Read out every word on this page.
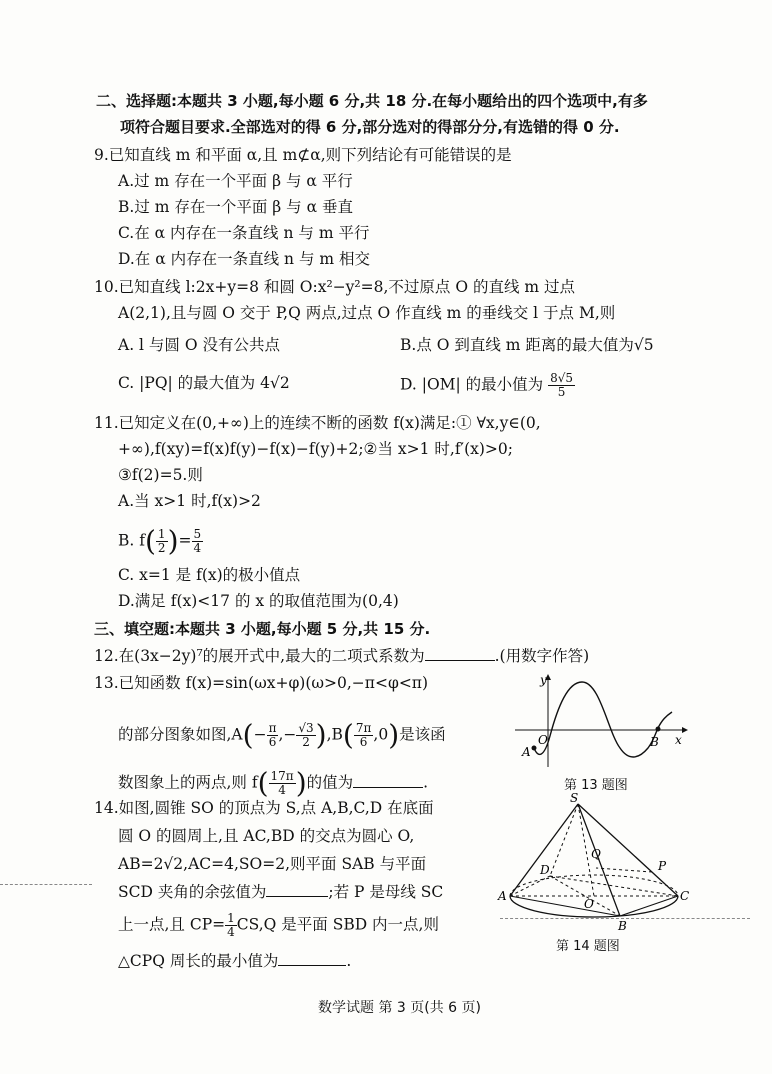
二、选择题:本题共 3 小题,每小题 6 分,共 18 分.在每小题给出的四个选项中,有多
项符合题目要求.全部选对的得 6 分,部分选对的得部分分,有选错的得 0 分.
9.已知直线 m 和平面 α,且 m⊄α,则下列结论有可能错误的是
A.过 m 存在一个平面 β 与 α 平行
B.过 m 存在一个平面 β 与 α 垂直
C.在 α 内存在一条直线 n 与 m 平行
D.在 α 内存在一条直线 n 与 m 相交
10.已知直线 l:2x+y=8 和圆 O:x²−y²=8,不过原点 O 的直线 m 过点
A(2,1),且与圆 O 交于 P,Q 两点,过点 O 作直线 m 的垂线交 l 于点 M,则
A. l 与圆 O 没有公共点	B.点 O 到直线 m 距离的最大值为√5
C. |PQ| 的最大值为 4√2	D. |OM| 的最小值为 $\frac{8√5}{5}$
11.已知定义在(0,+∞)上的连续不断的函数 f(x)满足:① ∀x,y∈(0,
+∞),f(xy)=f(x)f(y)−f(x)−f(y)+2;②当 x>1 时,f′(x)>0;
③f(2)=5.则
A.当 x>1 时,f(x)>2
B. $f( \frac{1}{2}$ )= $\frac{5}{4}$
C. x=1 是 f(x)的极小值点
D.满足 f(x)<17 的 x 的取值范围为(0,4)
三、填空题:本题共 3 小题,每小题 5 分,共 15 分.
12.在(3x−2y)⁷的展开式中,最大的二项式系数为	.(用数字作答)
13.已知函数 f(x)=sin(ωx+φ)(ω>0,−π<φ<π)
的部分图象如图$,A(- \frac{\pi}{6}$ ,− $\frac{√3}{2} ),B( \frac{7\pi}{6} ,0)$是该函
数图象上的两点,则 $f( \frac{17\pi}{4}$ )的值为	.
y
x
O
A
B
第 13 题图
14.如图,圆锥 SO 的顶点为 S,点 A,B,C,D 在底面
圆 O 的圆周上,且 AC,BD 的交点为圆心 O,
AB=2√2,AC=4,SO=2,则平面 SAB 与平面
SCD 夹角的余弦值为	;若 P 是母线 SC
上一点,且 $CP= \frac{1}{4} CS,Q$ 是平面 SBD 内一点,则
△CPQ 周长的最小值为	.
S
Q
P
D
A
O
C
B
第 14 题图
数学试题 第 3 页(共 6 页)
